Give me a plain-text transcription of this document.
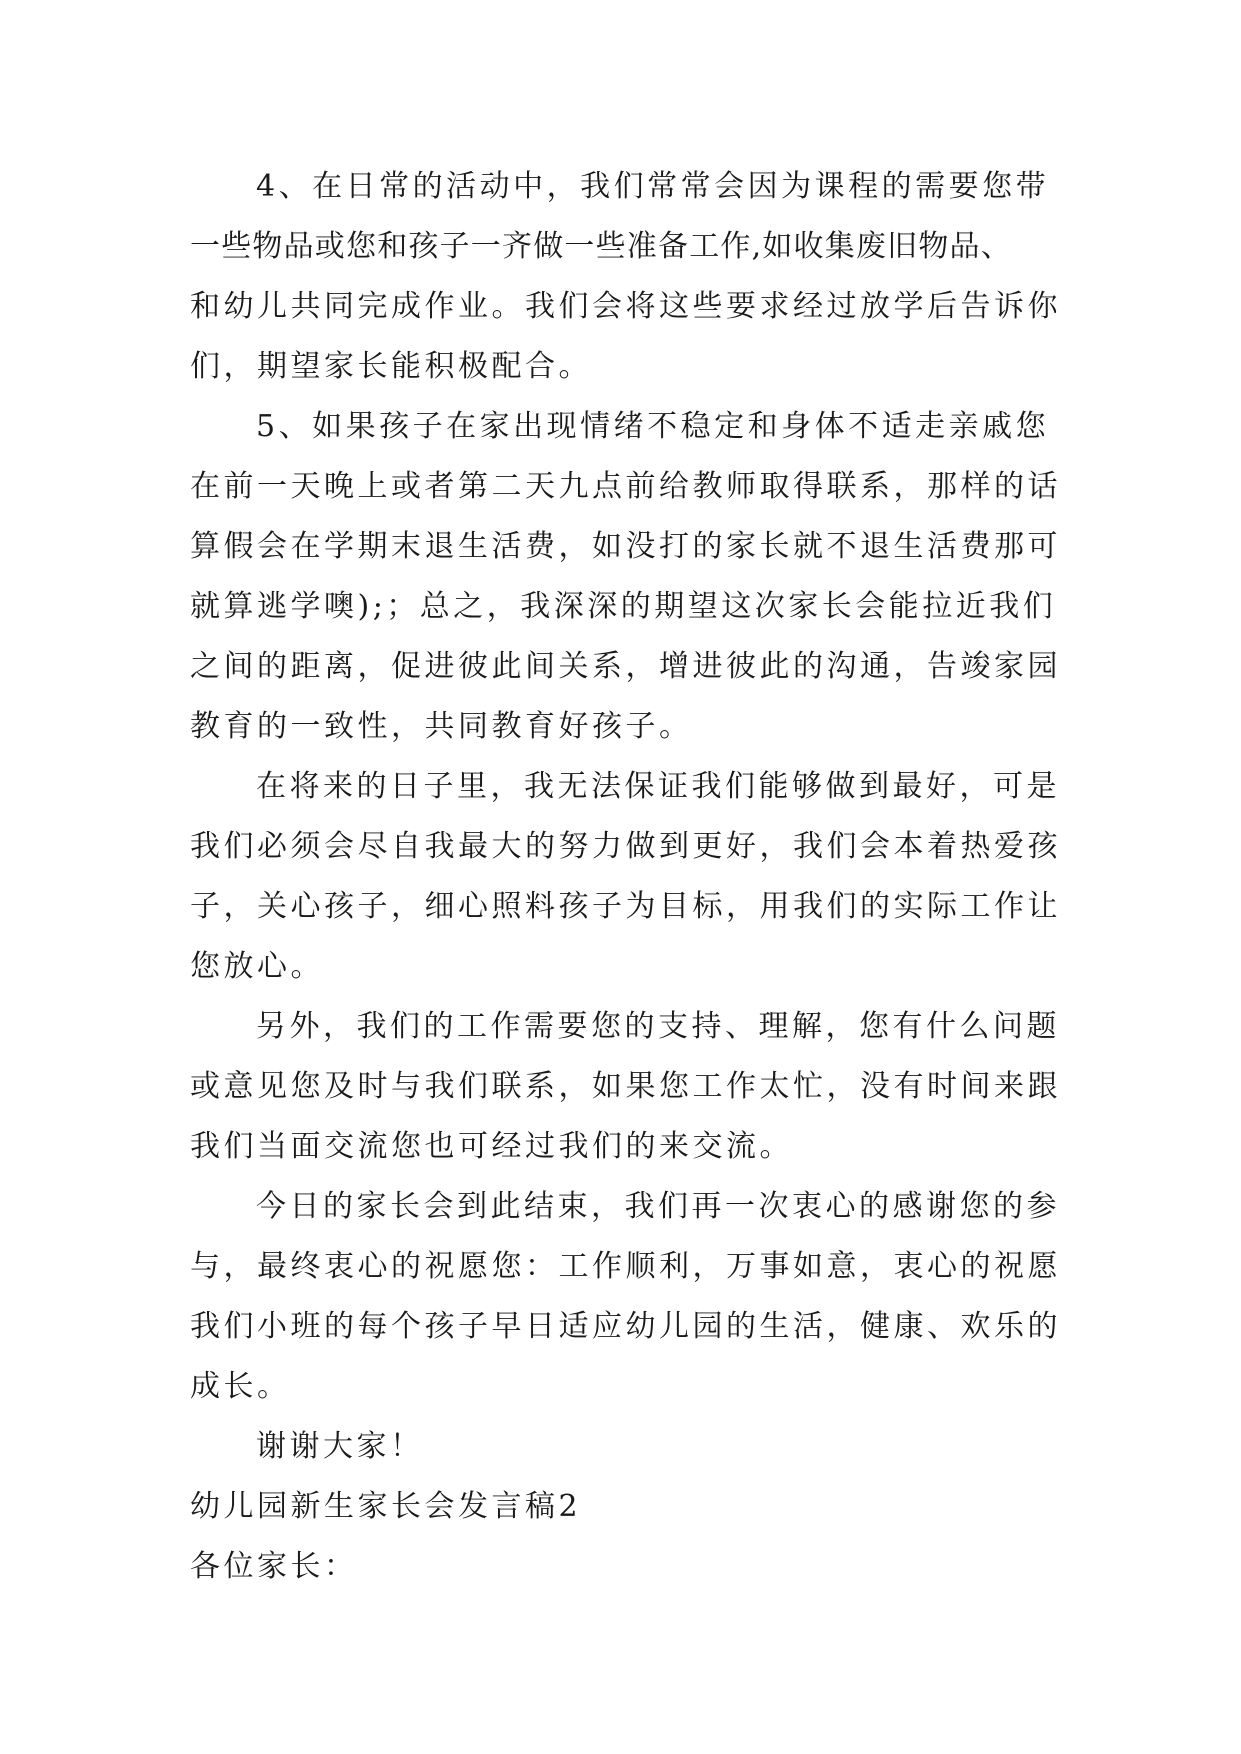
4、在日常的活动中，我们常常会因为课程的需要您带
一些物品或您和孩子一齐做一些准备工作,如收集废旧物品、
和幼儿共同完成作业。我们会将这些要求经过放学后告诉你
们，期望家长能积极配合。
5、如果孩子在家出现情绪不稳定和身体不适走亲戚您
在前一天晚上或者第二天九点前给教师取得联系，那样的话
算假会在学期末退生活费，如没打的家长就不退生活费那可
就算逃学噢);；总之，我深深的期望这次家长会能拉近我们
之间的距离，促进彼此间关系，增进彼此的沟通，告竣家园
教育的一致性，共同教育好孩子。
在将来的日子里，我无法保证我们能够做到最好，可是
我们必须会尽自我最大的努力做到更好，我们会本着热爱孩
子，关心孩子，细心照料孩子为目标，用我们的实际工作让
您放心。
另外，我们的工作需要您的支持、理解，您有什么问题
或意见您及时与我们联系，如果您工作太忙，没有时间来跟
我们当面交流您也可经过我们的来交流。
今日的家长会到此结束，我们再一次衷心的感谢您的参
与，最终衷心的祝愿您：工作顺利，万事如意，衷心的祝愿
我们小班的每个孩子早日适应幼儿园的生活，健康、欢乐的
成长。
谢谢大家！
幼儿园新生家长会发言稿2
各位家长：
